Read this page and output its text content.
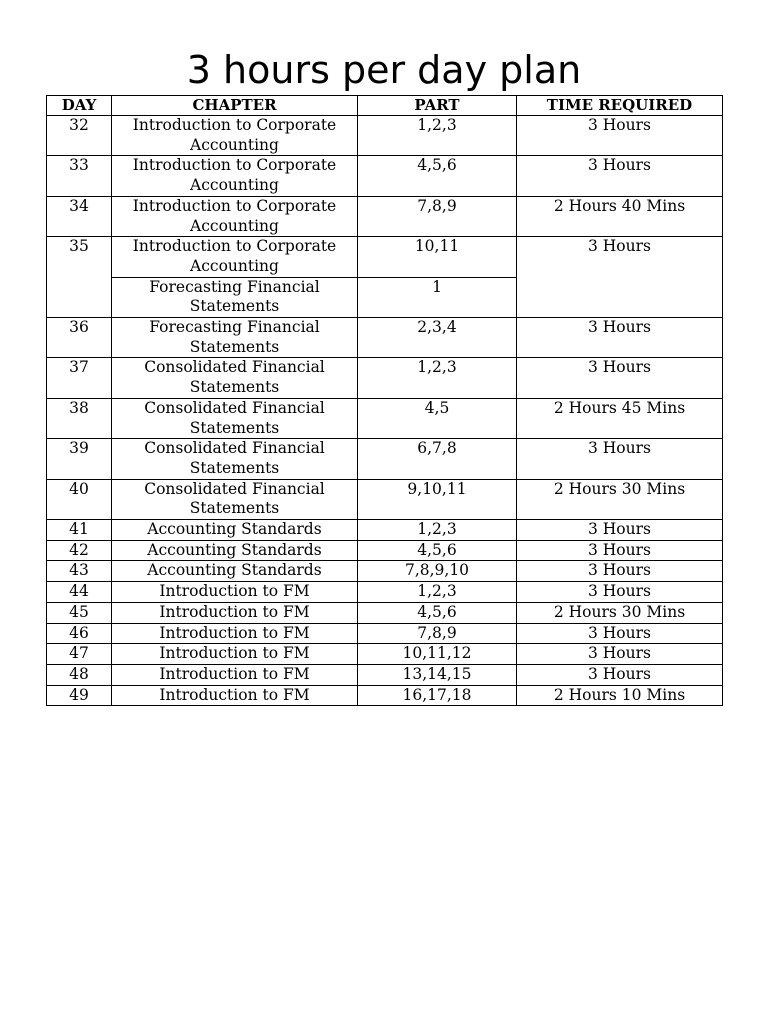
3 hours per day plan
DAY	CHAPTER	PART	TIME REQUIRED
32	Introduction to Corporate Accounting	1,2,3	3 Hours
33	Introduction to Corporate Accounting	4,5,6	3 Hours
34	Introduction to Corporate Accounting	7,8,9	2 Hours 40 Mins
35	Introduction to Corporate Accounting	10,11	3 Hours
	Forecasting Financial Statements	1	
36	Forecasting Financial Statements	2,3,4	3 Hours
37	Consolidated Financial Statements	1,2,3	3 Hours
38	Consolidated Financial Statements	4,5	2 Hours 45 Mins
39	Consolidated Financial Statements	6,7,8	3 Hours
40	Consolidated Financial Statements	9,10,11	2 Hours 30 Mins
41	Accounting Standards	1,2,3	3 Hours
42	Accounting Standards	4,5,6	3 Hours
43	Accounting Standards	7,8,9,10	3 Hours
44	Introduction to FM	1,2,3	3 Hours
45	Introduction to FM	4,5,6	2 Hours 30 Mins
46	Introduction to FM	7,8,9	3 Hours
47	Introduction to FM	10,11,12	3 Hours
48	Introduction to FM	13,14,15	3 Hours
49	Introduction to FM	16,17,18	2 Hours 10 Mins
